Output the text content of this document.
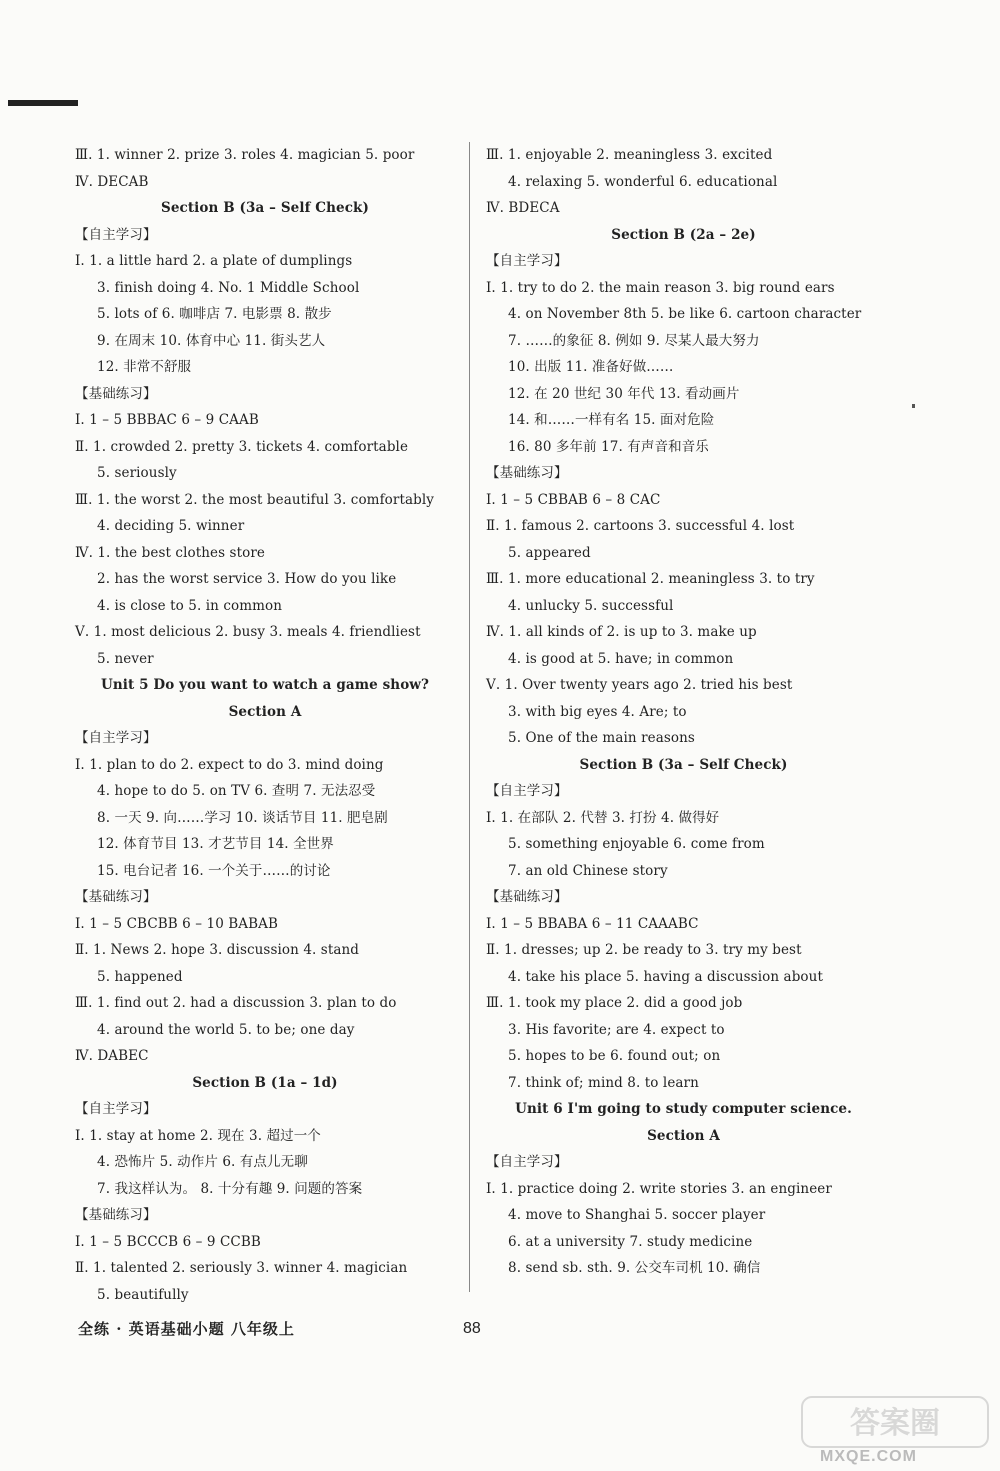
Ⅲ. 1. winner 2. prize 3. roles 4. magician 5. poor
Ⅳ. DECAB
Section B (3a – Self Check)
【自主学习】
Ⅰ. 1. a little hard 2. a plate of dumplings
3. finish doing 4. No. 1 Middle School
5. lots of 6. 咖啡店 7. 电影票 8. 散步
9. 在周末 10. 体育中心 11. 街头艺人
12. 非常不舒服
【基础练习】
Ⅰ. 1 – 5 BBBAC 6 – 9 CAAB
Ⅱ. 1. crowded 2. pretty 3. tickets 4. comfortable
5. seriously
Ⅲ. 1. the worst 2. the most beautiful 3. comfortably
4. deciding 5. winner
Ⅳ. 1. the best clothes store
2. has the worst service 3. How do you like
4. is close to 5. in common
Ⅴ. 1. most delicious 2. busy 3. meals 4. friendliest
5. never
Unit 5 Do you want to watch a game show?
Section A
【自主学习】
Ⅰ. 1. plan to do 2. expect to do 3. mind doing
4. hope to do 5. on TV 6. 查明 7. 无法忍受
8. 一天 9. 向……学习 10. 谈话节目 11. 肥皂剧
12. 体育节目 13. 才艺节目 14. 全世界
15. 电台记者 16. 一个关于……的讨论
【基础练习】
Ⅰ. 1 – 5 CBCBB 6 – 10 BABAB
Ⅱ. 1. News 2. hope 3. discussion 4. stand
5. happened
Ⅲ. 1. find out 2. had a discussion 3. plan to do
4. around the world 5. to be; one day
Ⅳ. DABEC
Section B (1a – 1d)
【自主学习】
Ⅰ. 1. stay at home 2. 现在 3. 超过一个
4. 恐怖片 5. 动作片 6. 有点儿无聊
7. 我这样认为。 8. 十分有趣 9. 问题的答案
【基础练习】
Ⅰ. 1 – 5 BCCCB 6 – 9 CCBB
Ⅱ. 1. talented 2. seriously 3. winner 4. magician
5. beautifully
Ⅲ. 1. enjoyable 2. meaningless 3. excited
4. relaxing 5. wonderful 6. educational
Ⅳ. BDECA
Section B (2a – 2e)
【自主学习】
Ⅰ. 1. try to do 2. the main reason 3. big round ears
4. on November 8th 5. be like 6. cartoon character
7. ……的象征 8. 例如 9. 尽某人最大努力
10. 出版 11. 准备好做……
12. 在 20 世纪 30 年代 13. 看动画片
14. 和……一样有名 15. 面对危险
16. 80 多年前 17. 有声音和音乐
【基础练习】
Ⅰ. 1 – 5 CBBAB 6 – 8 CAC
Ⅱ. 1. famous 2. cartoons 3. successful 4. lost
5. appeared
Ⅲ. 1. more educational 2. meaningless 3. to try
4. unlucky 5. successful
Ⅳ. 1. all kinds of 2. is up to 3. make up
4. is good at 5. have; in common
Ⅴ. 1. Over twenty years ago 2. tried his best
3. with big eyes 4. Are; to
5. One of the main reasons
Section B (3a – Self Check)
【自主学习】
Ⅰ. 1. 在部队 2. 代替 3. 打扮 4. 做得好
5. something enjoyable 6. come from
7. an old Chinese story
【基础练习】
Ⅰ. 1 – 5 BBABA 6 – 11 CAAABC
Ⅱ. 1. dresses; up 2. be ready to 3. try my best
4. take his place 5. having a discussion about
Ⅲ. 1. took my place 2. did a good job
3. His favorite; are 4. expect to
5. hopes to be 6. found out; on
7. think of; mind 8. to learn
Unit 6 I'm going to study computer science.
Section A
【自主学习】
Ⅰ. 1. practice doing 2. write stories 3. an engineer
4. move to Shanghai 5. soccer player
6. at a university 7. study medicine
8. send sb. sth. 9. 公交车司机 10. 确信
全练 · 英语基础小题 八年级上	88
答案圈
MXQE.COM
